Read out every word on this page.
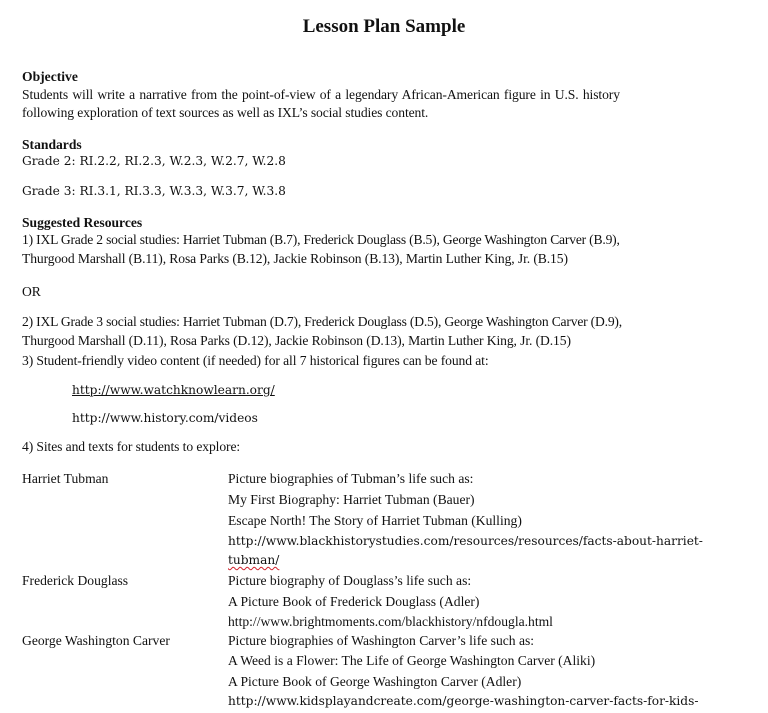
Lesson Plan Sample
Objective
Students will write a narrative from the point-of-view of a legendary African-American figure in U.S. history
following exploration of text sources as well as IXL’s social studies content.
Standards
Grade 2: RI.2.2, RI.2.3, W.2.3, W.2.7, W.2.8
Grade 3: RI.3.1, RI.3.3, W.3.3, W.3.7, W.3.8
Suggested Resources
1) IXL Grade 2 social studies: Harriet Tubman (B.7), Frederick Douglass (B.5), George Washington Carver (B.9),
Thurgood Marshall (B.11), Rosa Parks (B.12), Jackie Robinson (B.13), Martin Luther King, Jr. (B.15)
OR
2) IXL Grade 3 social studies: Harriet Tubman (D.7), Frederick Douglass (D.5), George Washington Carver (D.9),
Thurgood Marshall (D.11), Rosa Parks (D.12), Jackie Robinson (D.13), Martin Luther King, Jr. (D.15)
3) Student-friendly video content (if needed) for all 7 historical figures can be found at:
http://www.watchknowlearn.org/
http://www.history.com/videos
4) Sites and texts for students to explore:
Harriet Tubman	Picture biographies of Tubman’s life such as:
My First Biography: Harriet Tubman (Bauer)
Escape North! The Story of Harriet Tubman (Kulling)
http://www.blackhistorystudies.com/resources/resources/facts-about-harriet-
tubman/
Frederick Douglass	Picture biography of Douglass’s life such as:
A Picture Book of Frederick Douglass (Adler)
http://www.brightmoments.com/blackhistory/nfdougla.html
George Washington Carver	Picture biographies of Washington Carver’s life such as:
A Weed is a Flower: The Life of George Washington Carver (Aliki)
A Picture Book of George Washington Carver (Adler)
http://www.kidsplayandcreate.com/george-washington-carver-facts-for-kids-
